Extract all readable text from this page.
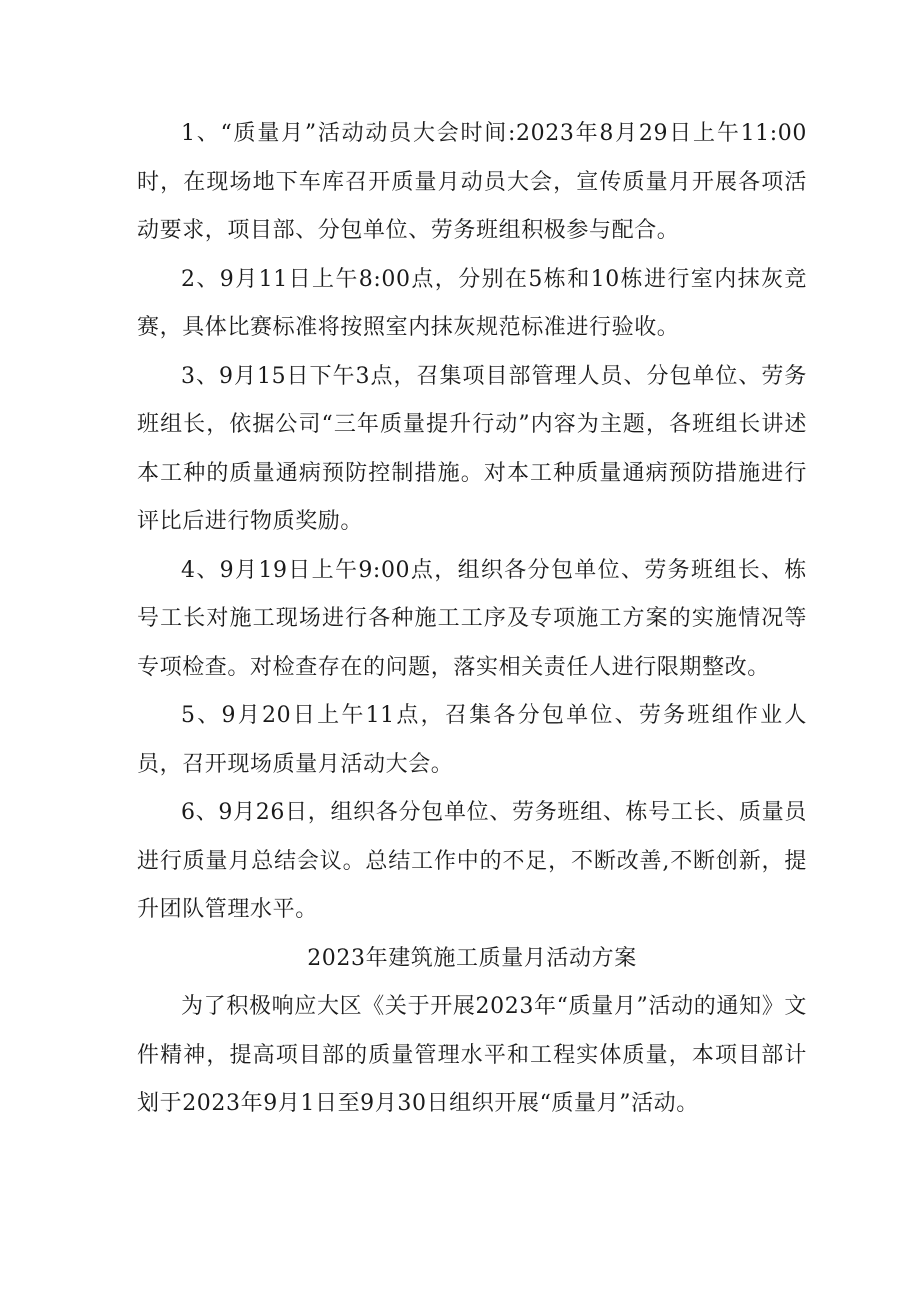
1、“质量月”活动动员大会时间:2023年8月29日上午11:00时，在现场地下车库召开质量月动员大会，宣传质量月开展各项活动要求，项目部、分包单位、劳务班组积极参与配合。

2、9月11日上午8:00点，分别在5栋和10栋进行室内抹灰竞赛，具体比赛标准将按照室内抹灰规范标准进行验收。

3、9月15日下午3点，召集项目部管理人员、分包单位、劳务班组长，依据公司“三年质量提升行动”内容为主题，各班组长讲述本工种的质量通病预防控制措施。对本工种质量通病预防措施进行评比后进行物质奖励。

4、9月19日上午9:00点，组织各分包单位、劳务班组长、栋号工长对施工现场进行各种施工工序及专项施工方案的实施情况等专项检查。对检查存在的问题，落实相关责任人进行限期整改。

5、9月20日上午11点，召集各分包单位、劳务班组作业人员，召开现场质量月活动大会。

6、9月26日，组织各分包单位、劳务班组、栋号工长、质量员进行质量月总结会议。总结工作中的不足，不断改善,不断创新，提升团队管理水平。

2023年建筑施工质量月活动方案

为了积极响应大区《关于开展2023年“质量月”活动的通知》文件精神，提高项目部的质量管理水平和工程实体质量，本项目部计划于2023年9月1日至9月30日组织开展“质量月”活动。
